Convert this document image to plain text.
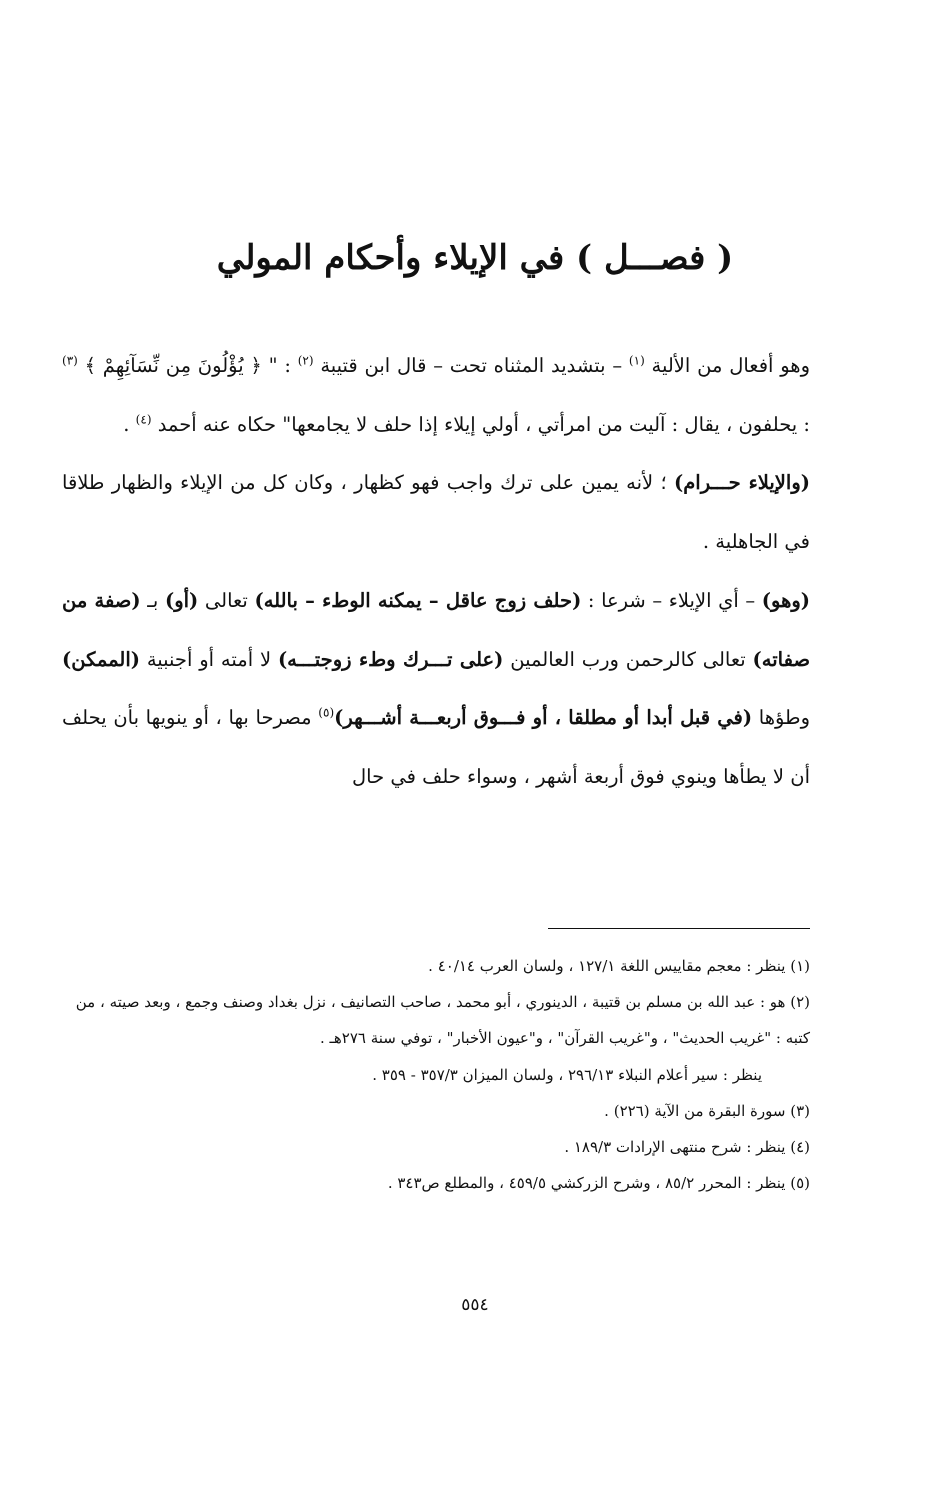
( فصـــل ) في الإيلاء وأحكام المولي

وهو أفعال من الألية $^{(١)}$ – بتشديد المثناه تحت – قال ابن قتيبة $^{(٢)}$ : " ﴿ يُؤْلُونَ مِن نِّسَآئِهِمْ ﴾ $^{(٣)}$ : يحلفون ، يقال : آليت من امرأتي ، أولي إيلاء إذا حلف لا يجامعها" حكاه عنه أحمد $^{(٤)}$ .

(والإيلاء حـــرام) ؛ لأنه يمين على ترك واجب فهو كظهار ، وكان كل من الإيلاء والظهار طلاقا في الجاهلية .

(وهو) – أي الإيلاء – شرعا : (حلف زوج عاقل – يمكنه الوطء – بالله) تعالى (أو) بـ (صفة من صفاته) تعالى كالرحمن ورب العالمين (على تـــرك وطء زوجتـــه) لا أمته أو أجنبية (الممكن) وطؤها (في قبل أبدا أو مطلقا ، أو فـــوق أربعـــة أشـــهر)$^{(٥)}$ مصرحا بها ، أو ينويها بأن يحلف أن لا يطأها وينوي فوق أربعة أشهر ، وسواء حلف في حال

(١) ينظر : معجم مقاييس اللغة ١٢٧/١ ، ولسان العرب ٤٠/١٤ .

(٢) هو : عبد الله بن مسلم بن قتيبة ، الدينوري ، أبو محمد ، صاحب التصانيف ، نزل بغداد وصنف وجمع ، وبعد صيته ، من كتبه : "غريب الحديث" ، و"غريب القرآن" ، و"عيون الأخبار" ، توفي سنة ٢٧٦هـ .

ينظر : سير أعلام النبلاء ٢٩٦/١٣ ، ولسان الميزان ٣٥٧/٣ - ٣٥٩ .

(٣) سورة البقرة من الآية (٢٢٦) .

(٤) ينظر : شرح منتهى الإرادات ١٨٩/٣ .

(٥) ينظر : المحرر ٨٥/٢ ، وشرح الزركشي ٤٥٩/٥ ، والمطلع ص٣٤٣ .

٥٥٤
